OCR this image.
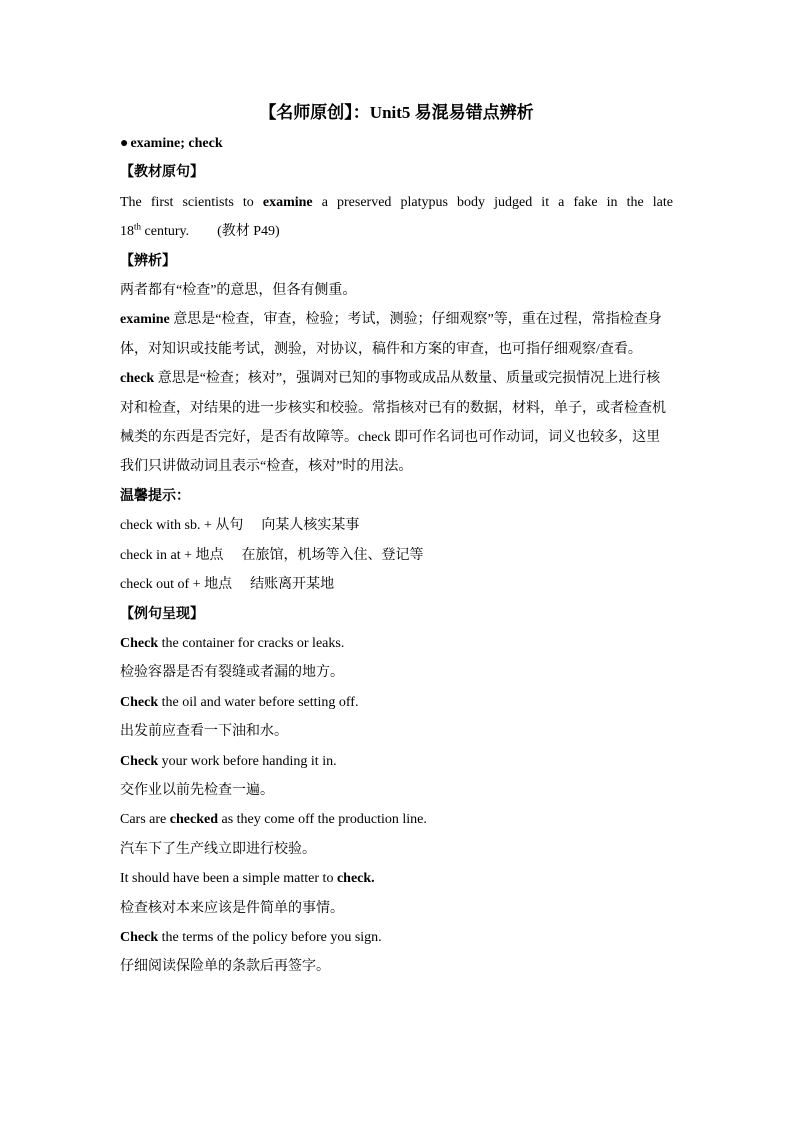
【名师原创】：Unit5 易混易错点辨析
● examine; check
【教材原句】
The first scientists to examine a preserved platypus body judged it a fake in the late
18th century. (教材 P49)
【辨析】
两者都有“检查”的意思，但各有侧重。
examine 意思是“检查，审查，检验；考试，测验；仔细观察”等，重在过程，常指检查身体，对知识或技能考试，测验，对协议，稿件和方案的审查，也可指仔细观察/查看。
check 意思是“检查；核对”，强调对已知的事物或成品从数量、质量或完损情况上进行核对和检查，对结果的进一步核实和校验。常指核对已有的数据，材料，单子，或者检查机械类的东西是否完好，是否有故障等。check 即可作名词也可作动词，词义也较多，这里我们只讲做动词且表示“检查，核对”时的用法。
温馨提示：
check with sb. + 从句 向某人核实某事
check in at + 地点 在旅馆，机场等入住、登记等
check out of + 地点 结账离开某地
【例句呈现】
Check the container for cracks or leaks.
检验容器是否有裂缝或者漏的地方。
Check the oil and water before setting off.
出发前应查看一下油和水。
Check your work before handing it in.
交作业以前先检查一遍。
Cars are checked as they come off the production line.
汽车下了生产线立即进行校验。
It should have been a simple matter to check.
检查核对本来应该是件简单的事情。
Check the terms of the policy before you sign.
仔细阅读保险单的条款后再签字。
